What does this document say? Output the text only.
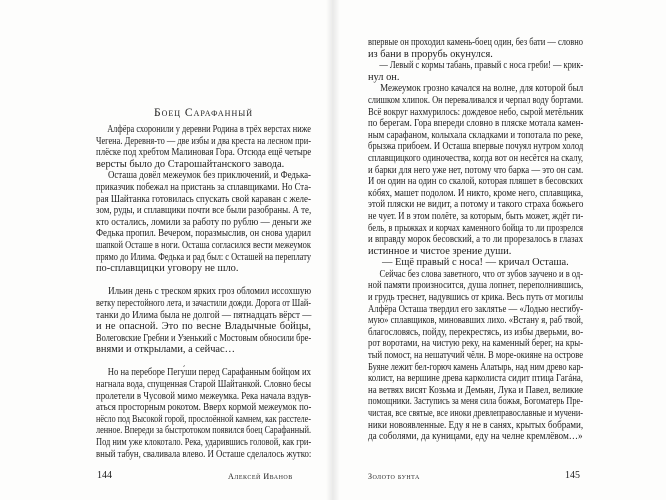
Боец Сарафанный
Алфёра схоронили у деревни Родина в трёх верстах ниже
Чегена. Деревня-то — две избы и два креста на лесном при-
плёске под хребтом Малиновая Гора. Отсюда ещё четыре
версты было до Старошайтанского завода.
Осташа довёл межеумок без приключений, и Федька-
приказчик побежал на пристань за сплавщиками. Но Ста-
рая Шайтанка готовилась спускать свой караван с желе-
зом, руды, и сплавщики почти все были разобраны. А те,
кто остались, ломили за работу по рублю — деньги же
Федька пропил. Вечером, поразмыслив, он снова ударил
шапкой Осташе в ноги. Осташа согласился вести межеумок
прямо до Илима. Федька и рад был: с Осташей на переплату
по-сплавщицки уговору не шло.
Ильин день с треском ярких гроз обломил иссохшую
ветку перестойного лета, и зачастили дожди. Дорога от Шай-
танки до Илима была не долгой — пятнадцать вёрст —
и не опасной. Это по весне Владычные бойцы,
Волеговские Гребни и Узенький с Мостовым обносили бре-
внями и открылами, а сейчас…
Но на переборе Пегу́ши перед Сарафанным бойцом их
нагнала вода, спущенная Старой Шайтанкой. Словно бесы
пролетели в Чусовой мимо межеумка. Река начала вздув-
аться просторным рокотом. Вверх кормой межеумок по-
нёсло под Высокой горой, прослоённой камнем, как расстеле-
ленное. Впереди за быстротоком появился боец Сарафанный.
Под ним уже клокотало. Река, ударившись головой, как гри-
вный табун, сваливала влево. И Осташе сделалось жутко:
144	Алексей Иванов
впервые он проходил камень-боец один, без бати — словно
из бани в прорубь окунулся.
— Левый с кормы табань, правый с носа греби! — крик-
нул он.
Межеумок грозно качался на волне, для которой был
слишком хлипок. Он переваливался и черпал воду бортами.
Всё вокруг нахмурилось: дождевое небо, сырой метёльник
по берегам. Гора впереди словно в пляске мотала камен-
ным сарафаном, колыхала складками и топотала по реке,
брызжа прибоем. И Осташа впервые почуял нутром холод
сплавщицкого одиночества, когда вот он несётся на скалу,
и барки для него уже нет, потому что барка — это он сам.
И он один на один со скалой, которая пляшет в бесовских
кóбях, машет подолом. И никто, кроме него, сплавщика,
этой пляски не видит, а потому и такого страха божьего
не чует. И в этом полёте, за которым, быть может, ждёт ги-
бель, в прыжках и корчах каменного бойца то ли прозрелся
и вправду морок бесовский, а то ли прорезалось в глазах
истинное и чистое зрение души.
— Ещё правый с носа! — кричал Осташа.
Сейчас без слова заветного, что от зубов заучено и в од-
ной памяти произносится, душа лопнет, переполнившись,
и грудь треснет, надувшись от крика. Весь путь от могилы
Алфёра Осташа твердил его заклятье — «Лодью несгибу-
мую» сплавщиков, миновавших лихо. «Встану я, раб твой,
благословясь, пойду, перекрестясь, из избы дверьми, во-
рот воротами, на чистую реку, на каменный берег, на кры-
тый помост, на нешатучий чёлн. В море-окияне на острове
Буяне лежит бел-горюч камень Алатырь, над ним древо кар-
колист, на вершине древа карколиста сидит птица Гагáна,
на ветвях висят Козьма и Демьян, Лука и Павел, великие
помощники. Заступись за меня сила божья, Богоматерь Пре-
чистая, все святые, все иноки древлеправославные и мучени-
ники новоявленные. Еду я не в санях, крытых бобрами,
да соболями, да куницами, еду на челне кремлёвом…»
Золото бунта	145
